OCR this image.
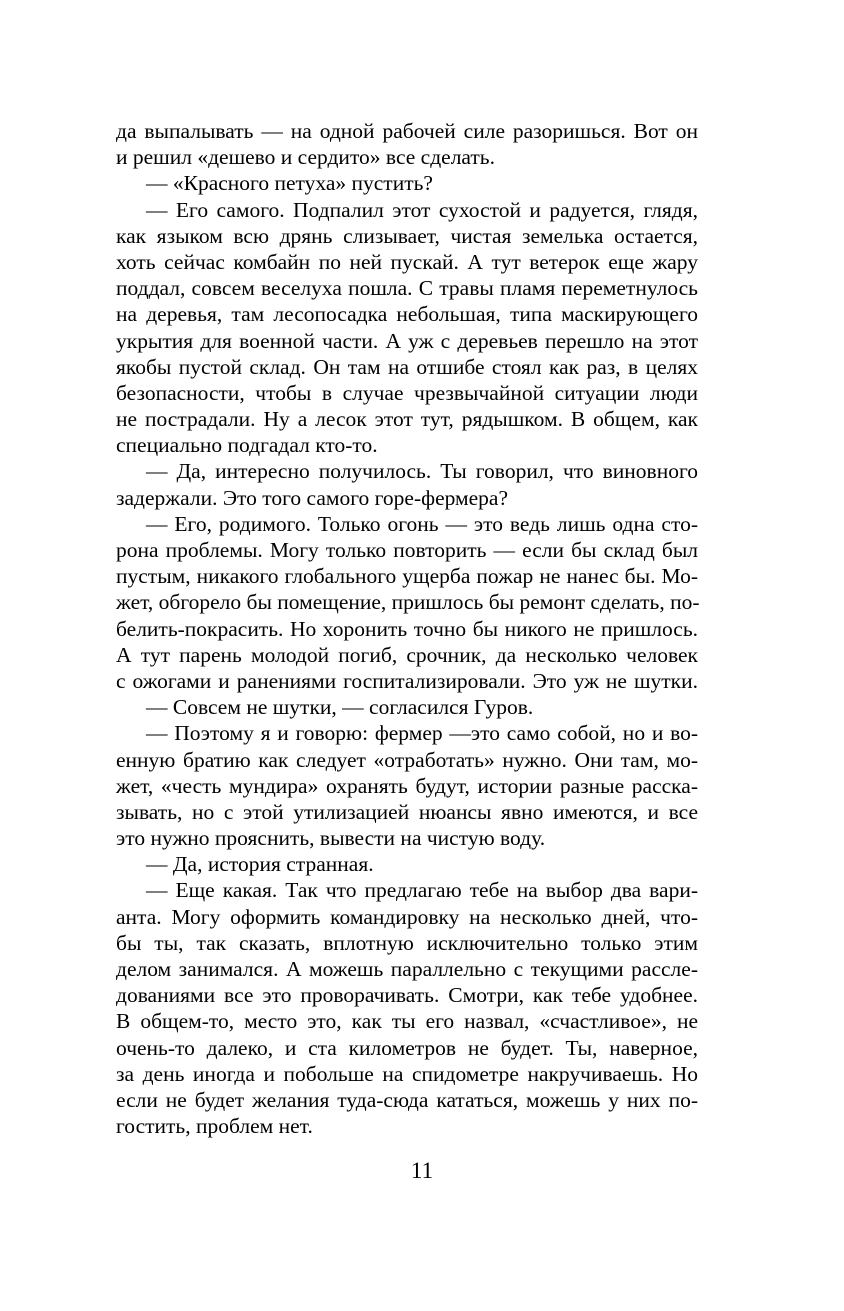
да выпалывать — на одной рабочей силе разоришься. Вот он
и решил «дешево и сердито» все сделать.
— «Красного петуха» пустить?
— Его самого. Подпалил этот сухостой и радуется, глядя,
как языком всю дрянь слизывает, чистая земелька остается,
хоть сейчас комбайн по ней пускай. А тут ветерок еще жару
поддал, совсем веселуха пошла. С травы пламя переметнулось
на деревья, там лесопосадка небольшая, типа маскирующего
укрытия для военной части. А уж с деревьев перешло на этот
якобы пустой склад. Он там на отшибе стоял как раз, в целях
безопасности, чтобы в случае чрезвычайной ситуации люди
не пострадали. Ну а лесок этот тут, рядышком. В общем, как
специально подгадал кто-то.
— Да, интересно получилось. Ты говорил, что виновного
задержали. Это того самого горе-фермера?
— Его, родимого. Только огонь — это ведь лишь одна сто-
рона проблемы. Могу только повторить — если бы склад был
пустым, никакого глобального ущерба пожар не нанес бы. Мо-
жет, обгорело бы помещение, пришлось бы ремонт сделать, по-
белить-покрасить. Но хоронить точно бы никого не пришлось.
А тут парень молодой погиб, срочник, да несколько человек
с ожогами и ранениями госпитализировали. Это уж не шутки.
— Совсем не шутки, — согласился Гуров.
— Поэтому я и говорю: фермер —это само собой, но и во-
енную братию как следует «отработать» нужно. Они там, мо-
жет, «честь мундира» охранять будут, истории разные расска-
зывать, но с этой утилизацией нюансы явно имеются, и все
это нужно прояснить, вывести на чистую воду.
— Да, история странная.
— Еще какая. Так что предлагаю тебе на выбор два вари-
анта. Могу оформить командировку на несколько дней, что-
бы ты, так сказать, вплотную исключительно только этим
делом занимался. А можешь параллельно с текущими рассле-
дованиями все это проворачивать. Смотри, как тебе удобнее.
В общем-то, место это, как ты его назвал, «счастливое», не
очень-то далеко, и ста километров не будет. Ты, наверное,
за день иногда и побольше на спидометре накручиваешь. Но
если не будет желания туда-сюда кататься, можешь у них по-
гостить, проблем нет.
11
